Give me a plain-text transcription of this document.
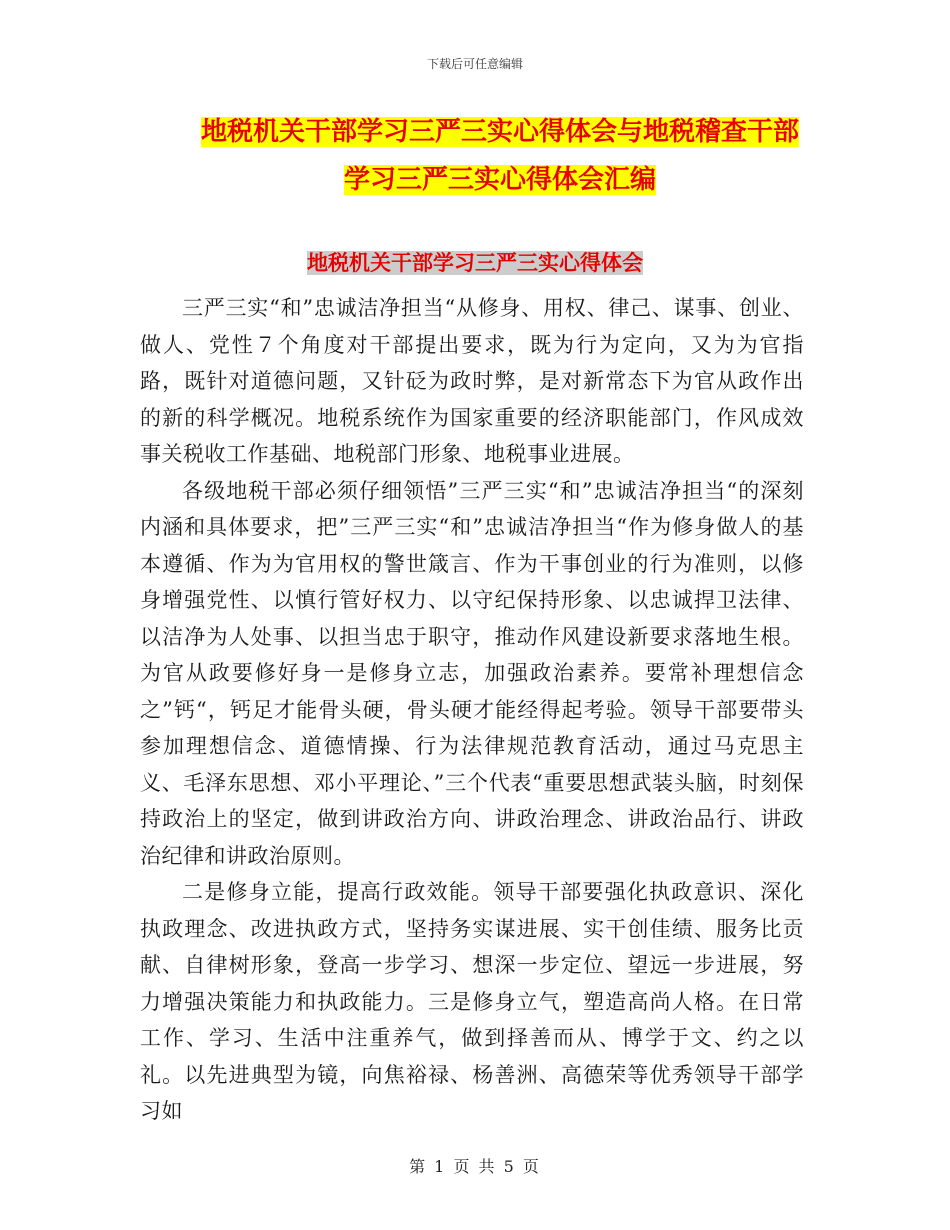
下载后可任意编辑
地税机关干部学习三严三实心得体会与地税稽查干部
学习三严三实心得体会汇编
地税机关干部学习三严三实心得体会

三严三实“和”忠诚洁净担当“从修身、用权、律己、谋事、创业、做人、党性７个角度对干部提出要求，既为行为定向，又为为官指路，既针对道德问题，又针砭为政时弊，是对新常态下为官从政作出的新的科学概况。地税系统作为国家重要的经济职能部门，作风成效事关税收工作基础、地税部门形象、地税事业进展。

各级地税干部必须仔细领悟”三严三实“和”忠诚洁净担当“的深刻内涵和具体要求，把”三严三实“和”忠诚洁净担当“作为修身做人的基本遵循、作为为官用权的警世箴言、作为干事创业的行为准则，以修身增强党性、以慎行管好权力、以守纪保持形象、以忠诚捍卫法律、以洁净为人处事、以担当忠于职守，推动作风建设新要求落地生根。为官从政要修好身一是修身立志，加强政治素养。要常补理想信念之”钙“，钙足才能骨头硬，骨头硬才能经得起考验。领导干部要带头参加理想信念、道德情操、行为法律规范教育活动，通过马克思主义、毛泽东思想、邓小平理论、”三个代表“重要思想武装头脑，时刻保持政治上的坚定，做到讲政治方向、讲政治理念、讲政治品行、讲政治纪律和讲政治原则。

二是修身立能，提高行政效能。领导干部要强化执政意识、深化执政理念、改进执政方式，坚持务实谋进展、实干创佳绩、服务比贡献、自律树形象，登高一步学习、想深一步定位、望远一步进展，努力增强决策能力和执政能力。三是修身立气，塑造高尚人格。在日常工作、学习、生活中注重养气，做到择善而从、博学于文、约之以礼。以先进典型为镜，向焦裕禄、杨善洲、高德荣等优秀领导干部学习如

第 1 页 共 5 页
